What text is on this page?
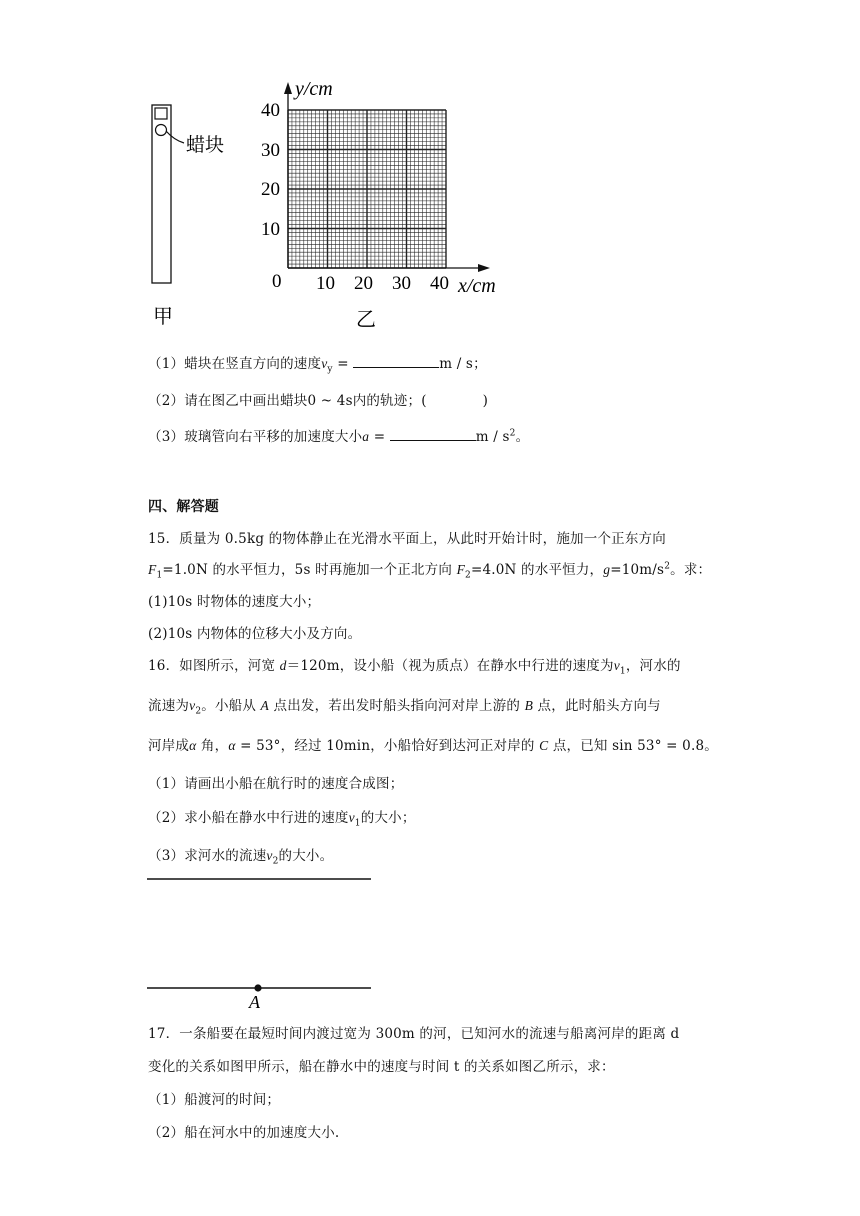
蜡块
甲
y/cm
x/cm
0
10
20
30
40
10 20 30 40
乙
（1）蜡块在竖直方向的速度$v_y$ =	m / s；
（2）请在图乙中画出蜡块0 ~ 4s内的轨迹；(	)
（3）玻璃管向右平移的加速度大小a =	m / $s^2$。
四、解答题
15．质量为 0.5kg 的物体静止在光滑水平面上，从此时开始计时，施加一个正东方向
$F_1=1.0N$ 的水平恒力，5s 时再施加一个正北方向 $F_2=4.0N$ 的水平恒力，$g=10m/s^2$。求：
(1)10s 时物体的速度大小；
(2)10s 内物体的位移大小及方向。
16．如图所示，河宽 d＝120m，设小船（视为质点）在静水中行进的速度为$v_1$，河水的
流速为$v_2$。小船从 A 点出发，若出发时船头指向河对岸上游的 B 点，此时船头方向与
河岸成α 角，α = 53°，经过 10min，小船恰好到达河正对岸的 C 点，已知 sin 53° = 0.8。
（1）请画出小船在航行时的速度合成图；
（2）求小船在静水中行进的速度$v_1$的大小；
（3）求河水的流速$v_2$的大小。
A
17．一条船要在最短时间内渡过宽为 300m 的河，已知河水的流速与船离河岸的距离 d
变化的关系如图甲所示，船在静水中的速度与时间 t 的关系如图乙所示，求：
（1）船渡河的时间；
（2）船在河水中的加速度大小.
